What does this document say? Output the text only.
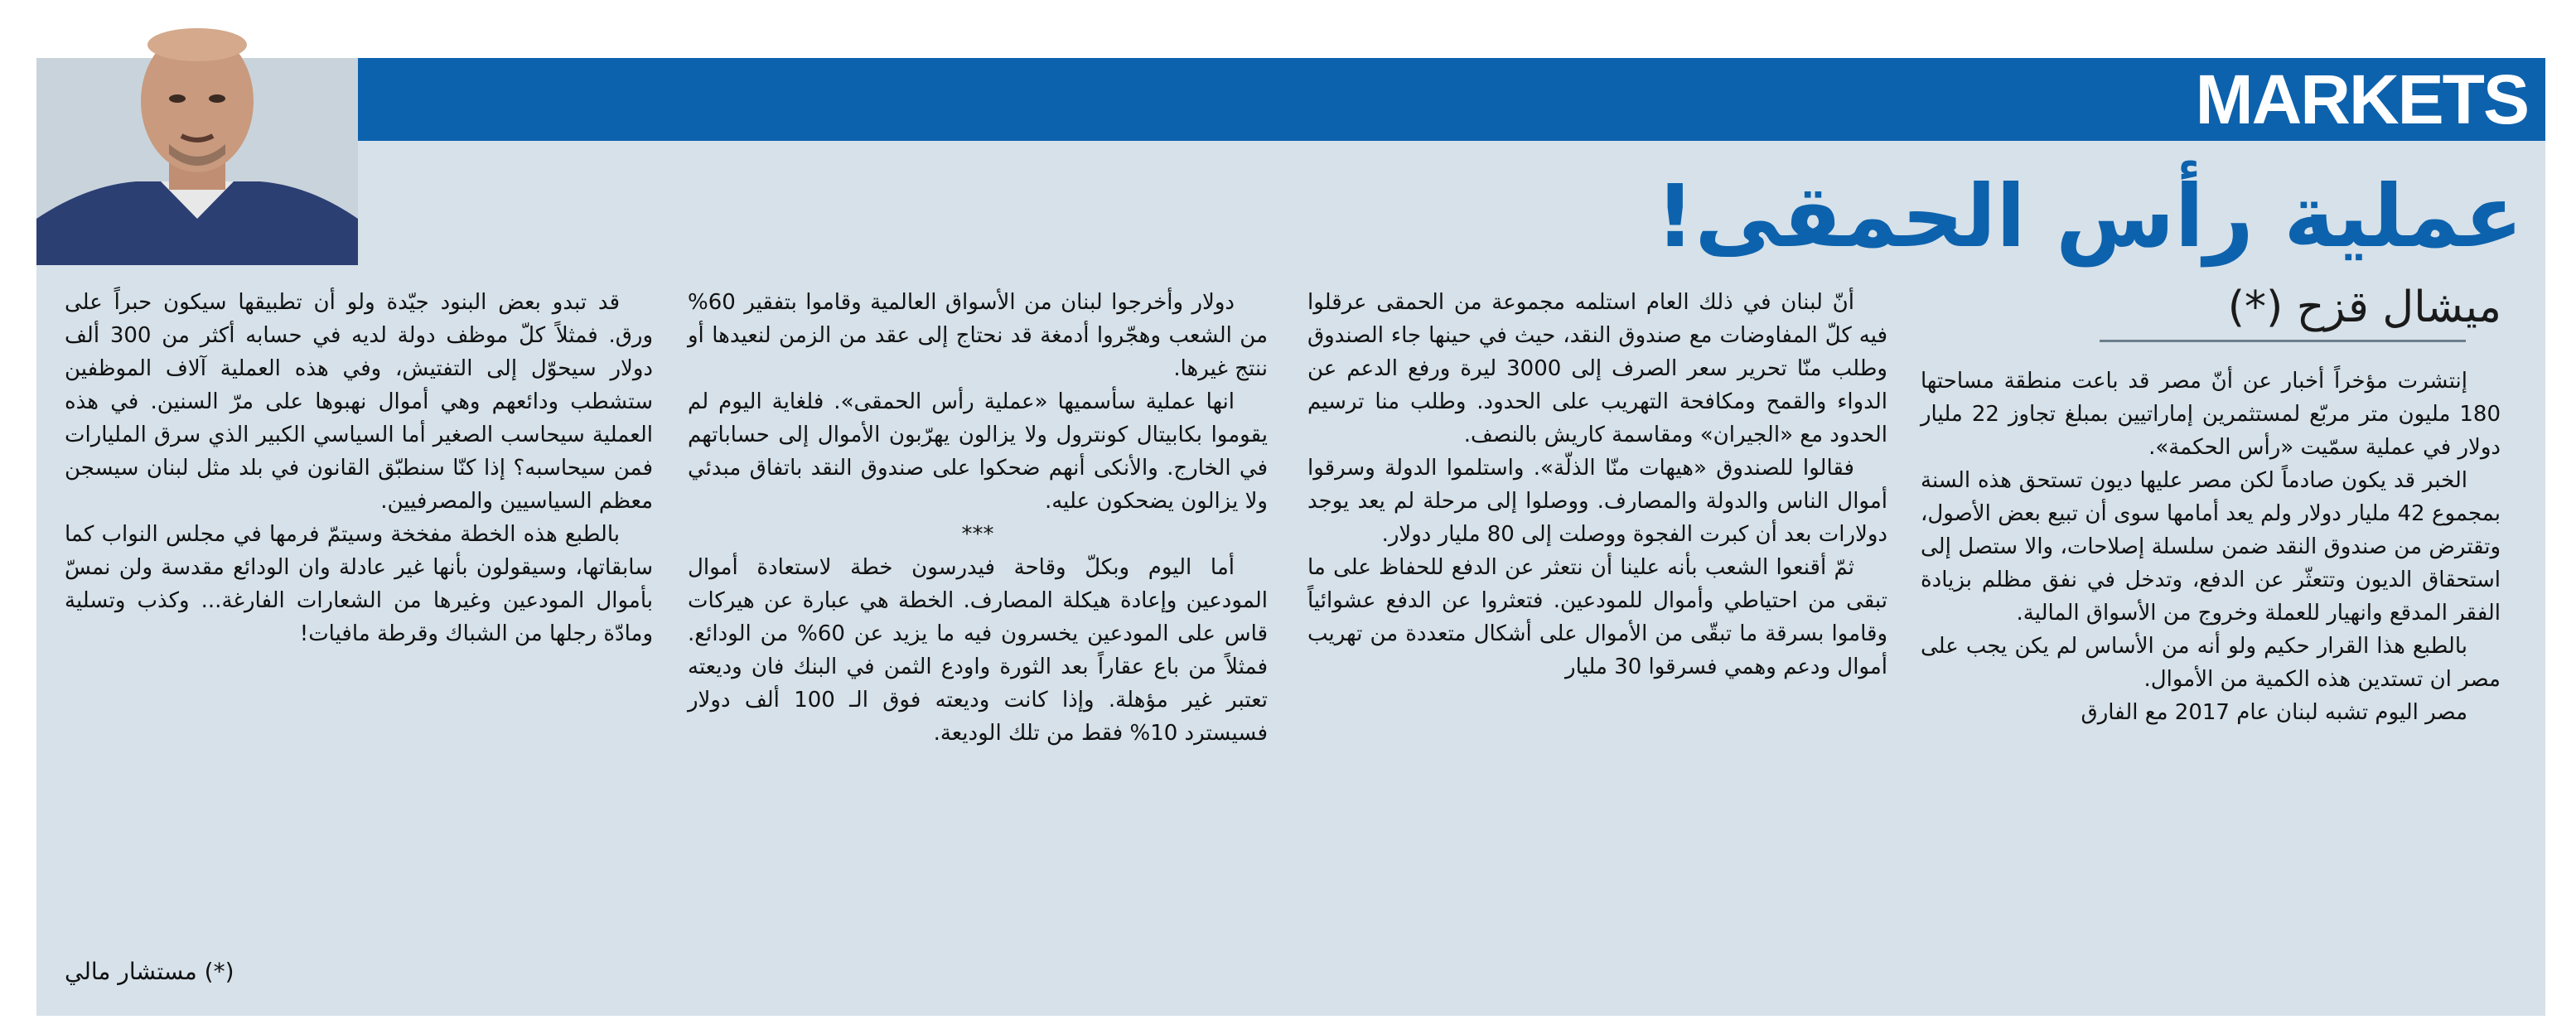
MARKETS
عملية رأس الحمقى!
ميشال قزح (*)

إنتشرت مؤخراً أخبار عن أنّ مصر قد باعت منطقة مساحتها 180 مليون متر مربّع لمستثمرين إماراتيين بمبلغ تجاوز 22 مليار دولار في عملية سمّيت «رأس الحكمة».

الخبر قد يكون صادماً لكن مصر عليها ديون تستحق هذه السنة بمجموع 42 مليار دولار ولم يعد أمامها سوى أن تبيع بعض الأصول، وتقترض من صندوق النقد ضمن سلسلة إصلاحات، والا ستصل إلى استحقاق الديون وتتعثّر عن الدفع، وتدخل في نفق مظلم بزيادة الفقر المدقع وانهيار للعملة وخروج من الأسواق المالية.

بالطبع هذا القرار حكيم ولو أنه من الأساس لم يكن يجب على مصر ان تستدين هذه الكمية من الأموال.

مصر اليوم تشبه لبنان عام 2017 مع الفارق

أنّ لبنان في ذلك العام استلمه مجموعة من الحمقى عرقلوا فيه كلّ المفاوضات مع صندوق النقد، حيث في حينها جاء الصندوق وطلب منّا تحرير سعر الصرف إلى 3000 ليرة ورفع الدعم عن الدواء والقمح ومكافحة التهريب على الحدود. وطلب منا ترسيم الحدود مع «الجيران» ومقاسمة كاريش بالنصف.

فقالوا للصندوق «هيهات منّا الذلّة». واستلموا الدولة وسرقوا أموال الناس والدولة والمصارف. ووصلوا إلى مرحلة لم يعد يوجد دولارات بعد أن كبرت الفجوة ووصلت إلى 80 مليار دولار.

ثمّ أقنعوا الشعب بأنه علينا أن نتعثر عن الدفع للحفاظ على ما تبقى من احتياطي وأموال للمودعين. فتعثروا عن الدفع عشوائياً وقاموا بسرقة ما تبقّى من الأموال على أشكال متعددة من تهريب أموال ودعم وهمي فسرقوا 30 مليار

دولار وأخرجوا لبنان من الأسواق العالمية وقاموا بتفقير 60% من الشعب وهجّروا أدمغة قد نحتاج إلى عقد من الزمن لنعيدها أو ننتج غيرها.

انها عملية سأسميها «عملية رأس الحمقى». فلغاية اليوم لم يقوموا بكابيتال كونترول ولا يزالون يهرّبون الأموال إلى حساباتهم في الخارج. والأنكى أنهم ضحكوا على صندوق النقد باتفاق مبدئي ولا يزالون يضحكون عليه.

***

أما اليوم وبكلّ وقاحة فيدرسون خطة لاستعادة أموال المودعين وإعادة هيكلة المصارف. الخطة هي عبارة عن هيركات قاس على المودعين يخسرون فيه ما يزيد عن 60% من الودائع. فمثلاً من باع عقاراً بعد الثورة واودع الثمن في البنك فان وديعته تعتبر غير مؤهلة. وإذا كانت وديعته فوق الـ 100 ألف دولار فسيسترد 10% فقط من تلك الوديعة.

قد تبدو بعض البنود جيّدة ولو أن تطبيقها سيكون حبراً على ورق. فمثلاً كلّ موظف دولة لديه في حسابه أكثر من 300 ألف دولار سيحوّل إلى التفتيش، وفي هذه العملية آلاف الموظفين ستشطب ودائعهم وهي أموال نهبوها على مرّ السنين. في هذه العملية سيحاسب الصغير أما السياسي الكبير الذي سرق المليارات فمن سيحاسبه؟ إذا كنّا سنطبّق القانون في بلد مثل لبنان سيسجن معظم السياسيين والمصرفيين.

بالطبع هذه الخطة مفخخة وسيتمّ فرمها في مجلس النواب كما سابقاتها، وسيقولون بأنها غير عادلة وان الودائع مقدسة ولن نمسّ بأموال المودعين وغيرها من الشعارات الفارغة... وكذب وتسلية ومادّة رجلها من الشباك وقرطة مافيات!

(*) مستشار مالي
